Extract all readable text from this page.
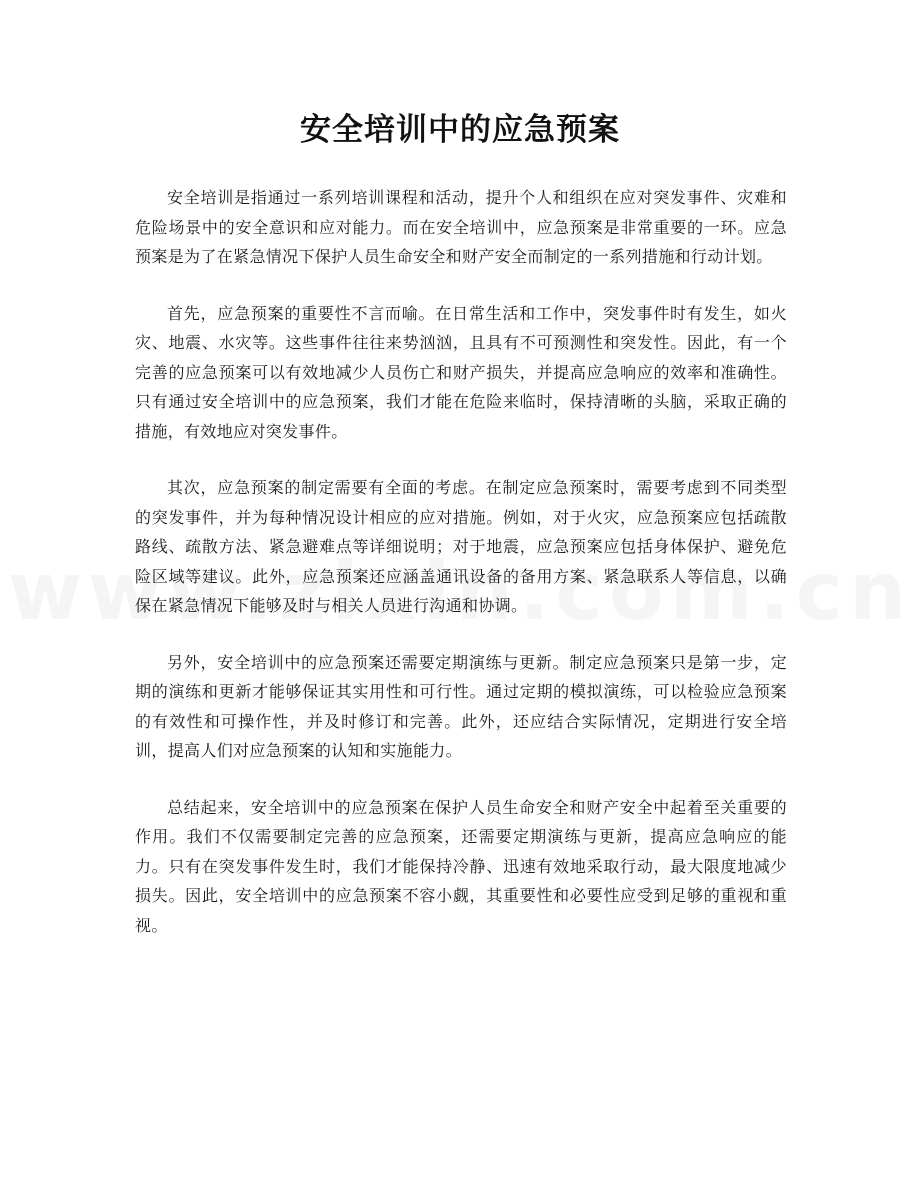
安全培训中的应急预案

安全培训是指通过一系列培训课程和活动，提升个人和组织在应对突发事件、灾难和危险场景中的安全意识和应对能力。而在安全培训中，应急预案是非常重要的一环。应急预案是为了在紧急情况下保护人员生命安全和财产安全而制定的一系列措施和行动计划。

首先，应急预案的重要性不言而喻。在日常生活和工作中，突发事件时有发生，如火灾、地震、水灾等。这些事件往往来势汹汹，且具有不可预测性和突发性。因此，有一个完善的应急预案可以有效地减少人员伤亡和财产损失，并提高应急响应的效率和准确性。只有通过安全培训中的应急预案，我们才能在危险来临时，保持清晰的头脑，采取正确的措施，有效地应对突发事件。

其次，应急预案的制定需要有全面的考虑。在制定应急预案时，需要考虑到不同类型的突发事件，并为每种情况设计相应的应对措施。例如，对于火灾，应急预案应包括疏散路线、疏散方法、紧急避难点等详细说明；对于地震，应急预案应包括身体保护、避免危险区域等建议。此外，应急预案还应涵盖通讯设备的备用方案、紧急联系人等信息，以确保在紧急情况下能够及时与相关人员进行沟通和协调。

另外，安全培训中的应急预案还需要定期演练与更新。制定应急预案只是第一步，定期的演练和更新才能够保证其实用性和可行性。通过定期的模拟演练，可以检验应急预案的有效性和可操作性，并及时修订和完善。此外，还应结合实际情况，定期进行安全培训，提高人们对应急预案的认知和实施能力。

总结起来，安全培训中的应急预案在保护人员生命安全和财产安全中起着至关重要的作用。我们不仅需要制定完善的应急预案，还需要定期演练与更新，提高应急响应的能力。只有在突发事件发生时，我们才能保持冷静、迅速有效地采取行动，最大限度地减少损失。因此，安全培训中的应急预案不容小觑，其重要性和必要性应受到足够的重视和重视。
